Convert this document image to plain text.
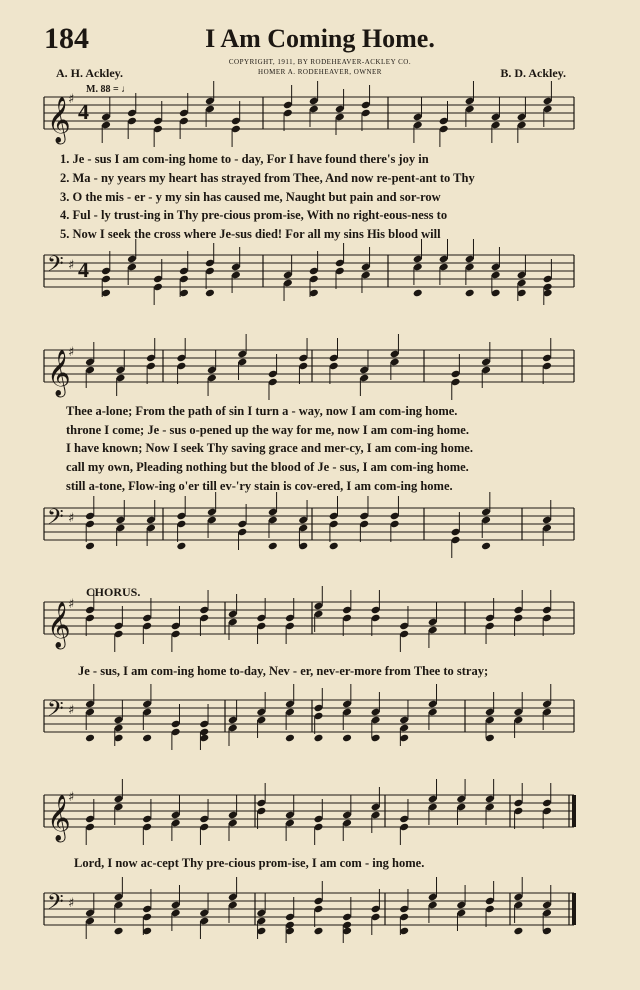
184	I Am Coming Home.
COPYRIGHT, 1911, BY RODEHEAVER-ACKLEY CO.
HOMER A. RODEHEAVER, OWNER
A. H. Ackley.	B. D. Ackley.
M. 88 = ♩
𝄞
♯ 4
𝄢 ♯ 4
1. Je - sus I am com-ing home to - day, For I have found there's joy in
2. Ma - ny years my heart has strayed from Thee, And now re-pent-ant to Thy
3. O the mis - er - y my sin has caused me, Naught but pain and sor-row
4. Ful - ly trust-ing in Thy pre-cious prom-ise, With no right-eous-ness to
5. Now I seek the cross where Je-sus died! For all my sins His blood will
𝄞
♯
𝄢 ♯
Thee a-lone; From the path of sin I turn a - way, now I am com-ing home.
throne I come; Je - sus o-pened up the way for me, now I am com-ing home.
I have known; Now I seek Thy saving grace and mer-cy, I am com-ing home.
call my own, Pleading nothing but the blood of Je - sus, I am com-ing home.
still a-tone, Flow-ing o'er till ev-'ry stain is cov-ered, I am com-ing home.
CHORUS.
𝄞
♯
𝄢 ♯
Je - sus, I am com-ing home to-day, Nev - er, nev-er-more from Thee to stray;
𝄞
♯
𝄢 ♯
Lord, I now ac-cept Thy pre-cious prom-ise, I am com - ing home.
